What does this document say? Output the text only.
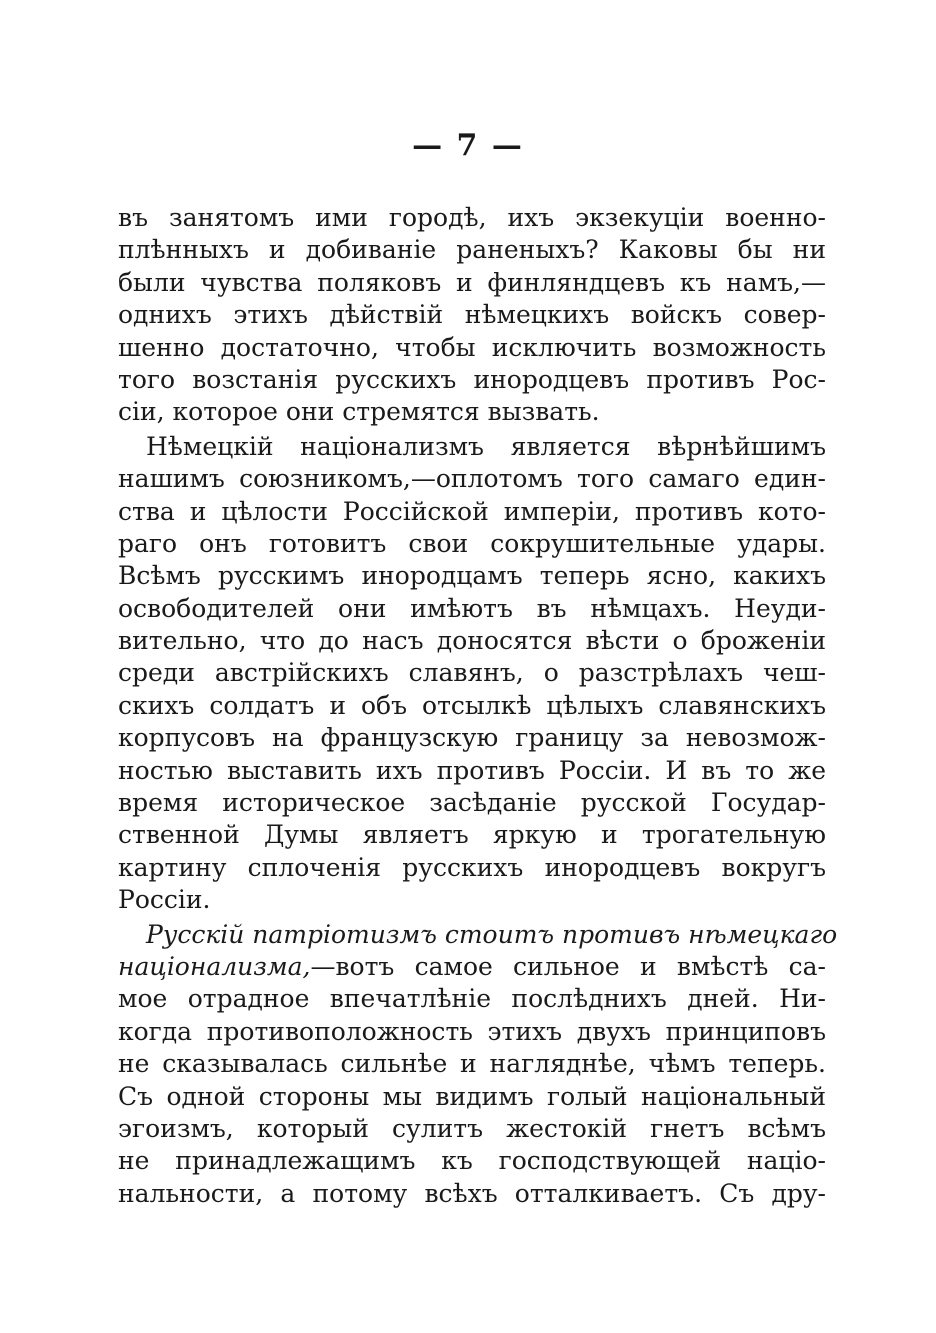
— 7 —
въ занятомъ ими городѣ, ихъ экзекуціи военно-
плѣнныхъ и добиваніе раненыхъ? Каковы бы ни
были чувства поляковъ и финляндцевъ къ намъ,—
однихъ этихъ дѣйствій нѣмецкихъ войскъ совер-
шенно достаточно, чтобы исключить возможность
того возстанія русскихъ инородцевъ противъ Рос-
сіи, которое они стремятся вызвать.
Нѣмецкій націонализмъ является вѣрнѣйшимъ
нашимъ союзникомъ,—оплотомъ того самаго един-
ства и цѣлости Россійской имперіи, противъ кото-
раго онъ готовитъ свои сокрушительные удары.
Всѣмъ русскимъ инородцамъ теперь ясно, какихъ
освободителей они имѣютъ въ нѣмцахъ. Неуди-
вительно, что до насъ доносятся вѣсти о броженіи
среди австрійскихъ славянъ, о разстрѣлахъ чеш-
скихъ солдатъ и объ отсылкѣ цѣлыхъ славянскихъ
корпусовъ на французскую границу за невозмож-
ностью выставить ихъ противъ Россіи. И въ то же
время историческое засѣданіе русской Государ-
ственной Думы являетъ яркую и трогательную
картину сплоченія русскихъ инородцевъ вокругъ
Россіи.
Русскій патріотизмъ стоитъ противъ нѣмецкаго
націонализма,—вотъ самое сильное и вмѣстѣ са-
мое отрадное впечатлѣніе послѣднихъ дней. Ни-
когда противоположность этихъ двухъ принциповъ
не сказывалась сильнѣе и нагляднѣе, чѣмъ теперь.
Съ одной стороны мы видимъ голый національный
эгоизмъ, который сулитъ жестокій гнетъ всѣмъ
не принадлежащимъ къ господствующей націо-
нальности, а потому всѣхъ отталкиваетъ. Съ дру-
